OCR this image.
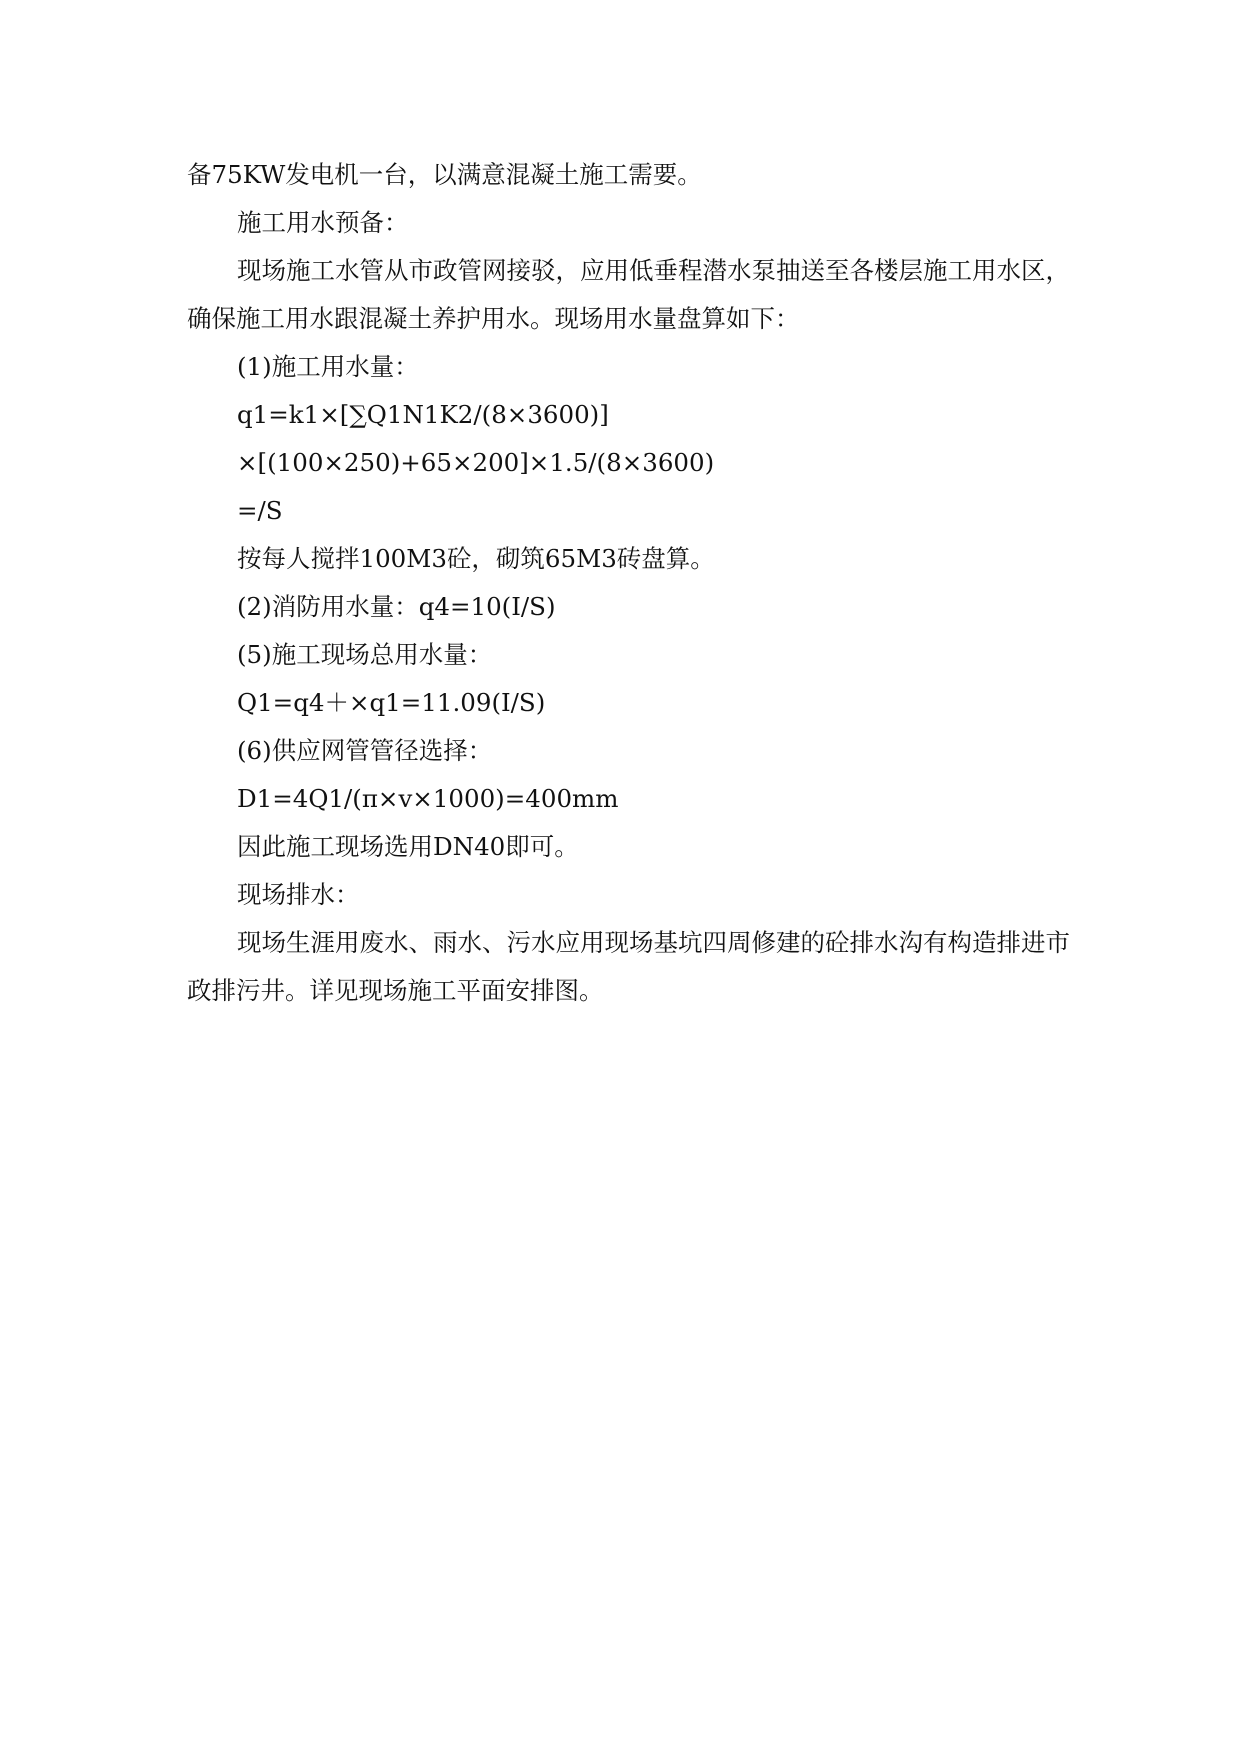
备75KW发电机一台，以满意混凝土施工需要。
施工用水预备：
现场施工水管从市政管网接驳，应用低垂程潜水泵抽送至各楼层施工用水区，
确保施工用水跟混凝土养护用水。现场用水量盘算如下：
(1)施工用水量：
q1=k1×[∑Q1N1K2/(8×3600)]
×[(100×250)+65×200]×1.5/(8×3600)
=/S
按每人搅拌100M3砼，砌筑65M3砖盘算。
(2)消防用水量：q4=10(I/S)
(5)施工现场总用水量：
Q1=q4＋×q1=11.09(I/S)
(6)供应网管管径选择：
D1=4Q1/(π×v×1000)=400mm
因此施工现场选用DN40即可。
现场排水：
现场生涯用废水、雨水、污水应用现场基坑四周修建的砼排水沟有构造排进市
政排污井。详见现场施工平面安排图。
